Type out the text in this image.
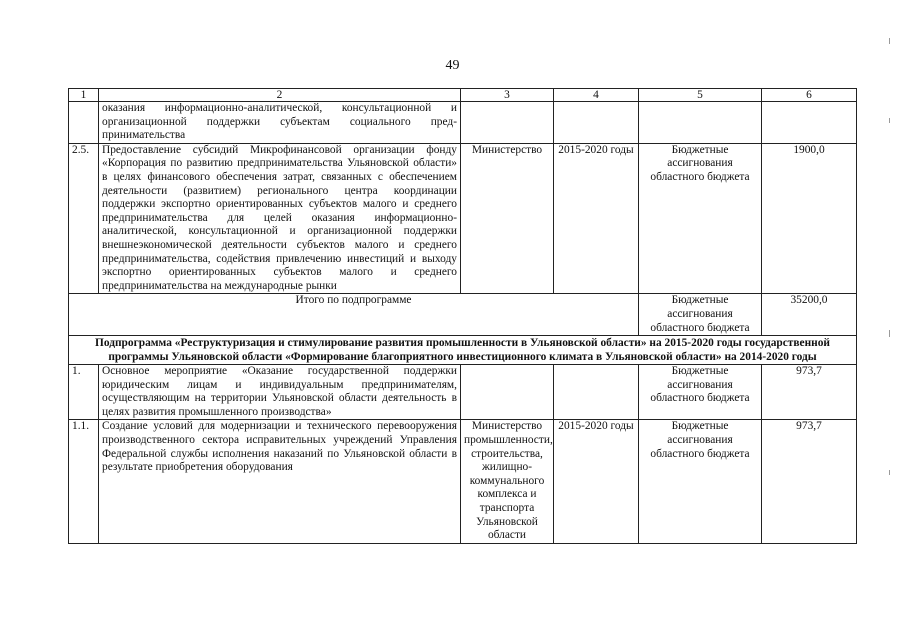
49
1	2	3	4	5	6
	оказания информационно-аналитической, консультационной и организационной поддержки субъектам социального предпринимательства				
2.5.	Предоставление субсидий Микрофинансовой организации фонду «Корпорация по развитию предпринимательства Ульяновской области» в целях финансового обеспечения затрат, связанных с обеспечением деятельности (развитием) регионального центра координации поддержки экспортно ориентированных субъектов малого и среднего предпринимательства для целей оказания информационно-аналитической, консультационной и организационной поддержки внешнеэкономической деятельности субъектов малого и среднего предпринимательства, содействия привлечению инвестиций и выходу экспортно ориентированных субъектов малого и среднего предпринимательства на международные рынки	Министерство	2015-2020 годы	Бюджетные ассигнования областного бюджета	1900,0
Итого по подпрограмме				Бюджетные ассигнования областного бюджета	35200,0
Подпрограмма «Реструктуризация и стимулирование развития промышленности в Ульяновской области» на 2015-2020 годы государственной программы Ульяновской области «Формирование благоприятного инвестиционного климата в Ульяновской области» на 2014-2020 годы					
1.	Основное мероприятие «Оказание государственной поддержки юридическим лицам и индивидуальным предпринимателям, осуществляющим на территории Ульяновской области деятельность в целях развития промышленного производства»			Бюджетные ассигнования областного бюджета	973,7
1.1.	Создание условий для модернизации и технического перевооружения производственного сектора исправительных учреждений Управления Федеральной службы исполнения наказаний по Ульяновской области в результате приобретения оборудования	Министерство промышленности, строительства, жилищно-коммунального комплекса и транспорта Ульяновской области	2015-2020 годы	Бюджетные ассигнования областного бюджета	973,7
